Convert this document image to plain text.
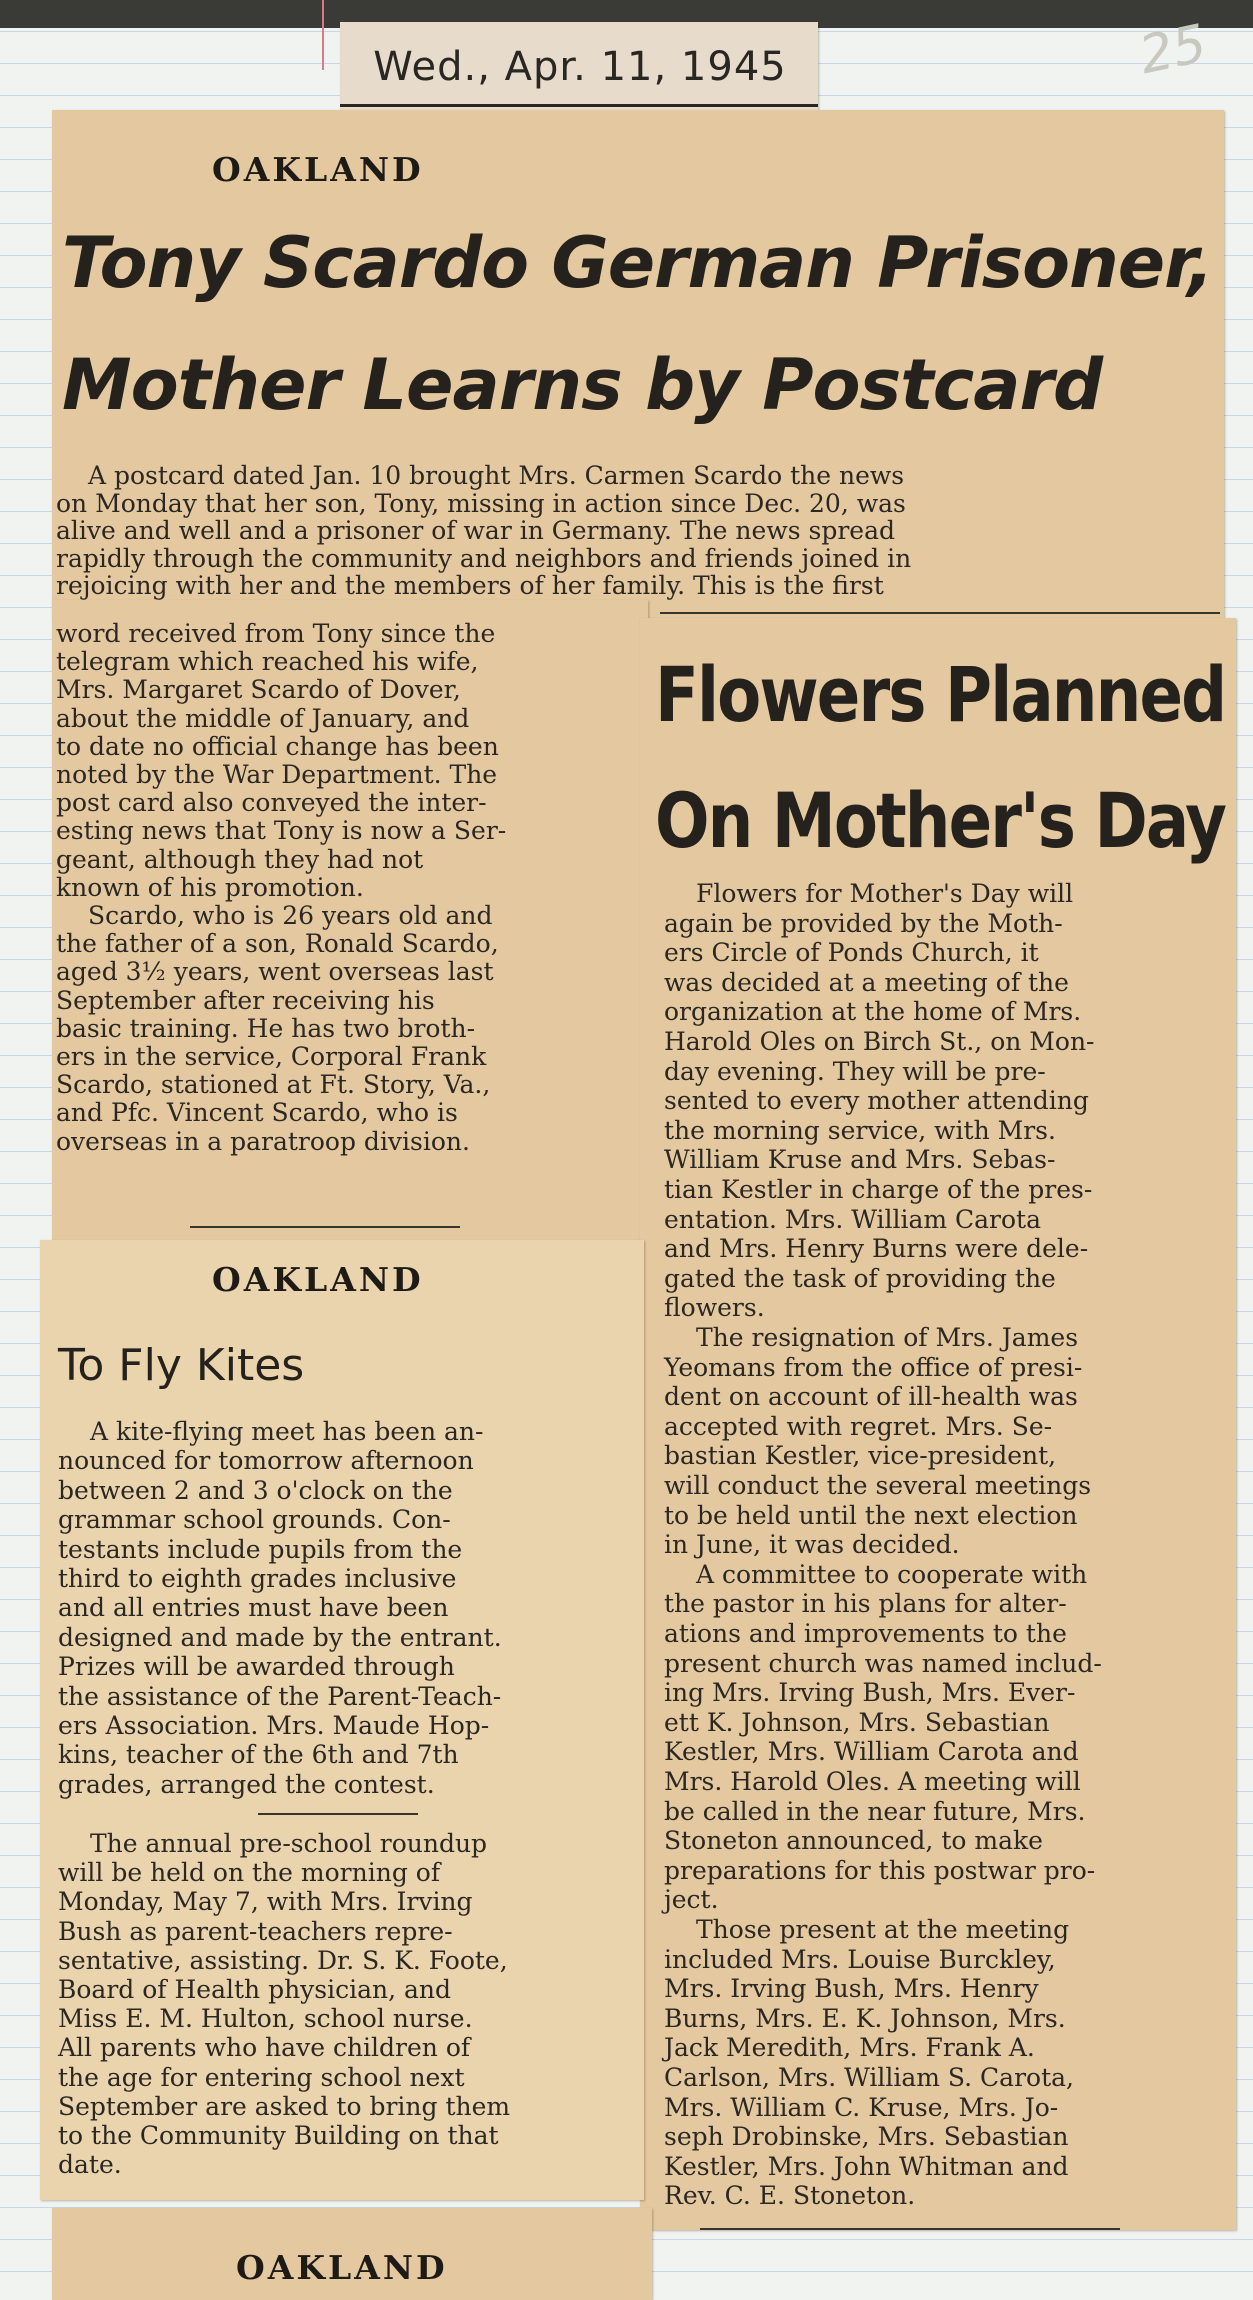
25
Wed., Apr. 11, 1945
OAKLAND
Tony Scardo German Prisoner,
Mother Learns by Postcard
A postcard dated Jan. 10 brought Mrs. Carmen Scardo the news
on Monday that her son, Tony, missing in action since Dec. 20, was
alive and well and a prisoner of war in Germany. The news spread
rapidly through the community and neighbors and friends joined in
rejoicing with her and the members of her family. This is the first
word received from Tony since the
telegram which reached his wife,
Mrs. Margaret Scardo of Dover,
about the middle of January, and
to date no official change has been
noted by the War Department. The
post card also conveyed the inter-
esting news that Tony is now a Ser-
geant, although they had not
known of his promotion.
Scardo, who is 26 years old and
the father of a son, Ronald Scardo,
aged 3½ years, went overseas last
September after receiving his
basic training. He has two broth-
ers in the service, Corporal Frank
Scardo, stationed at Ft. Story, Va.,
and Pfc. Vincent Scardo, who is
overseas in a paratroop division.
Flowers Planned
On Mother's Day
Flowers for Mother's Day will
again be provided by the Moth-
ers Circle of Ponds Church, it
was decided at a meeting of the
organization at the home of Mrs.
Harold Oles on Birch St., on Mon-
day evening. They will be pre-
sented to every mother attending
the morning service, with Mrs.
William Kruse and Mrs. Sebas-
tian Kestler in charge of the pres-
entation. Mrs. William Carota
and Mrs. Henry Burns were dele-
gated the task of providing the
flowers.
The resignation of Mrs. James
Yeomans from the office of presi-
dent on account of ill-health was
accepted with regret. Mrs. Se-
bastian Kestler, vice-president,
will conduct the several meetings
to be held until the next election
in June, it was decided.
A committee to cooperate with
the pastor in his plans for alter-
ations and improvements to the
present church was named includ-
ing Mrs. Irving Bush, Mrs. Ever-
ett K. Johnson, Mrs. Sebastian
Kestler, Mrs. William Carota and
Mrs. Harold Oles. A meeting will
be called in the near future, Mrs.
Stoneton announced, to make
preparations for this postwar pro-
ject.
Those present at the meeting
included Mrs. Louise Burckley,
Mrs. Irving Bush, Mrs. Henry
Burns, Mrs. E. K. Johnson, Mrs.
Jack Meredith, Mrs. Frank A.
Carlson, Mrs. William S. Carota,
Mrs. William C. Kruse, Mrs. Jo-
seph Drobinske, Mrs. Sebastian
Kestler, Mrs. John Whitman and
Rev. C. E. Stoneton.
OAKLAND
To Fly Kites
A kite-flying meet has been an-
nounced for tomorrow afternoon
between 2 and 3 o'clock on the
grammar school grounds. Con-
testants include pupils from the
third to eighth grades inclusive
and all entries must have been
designed and made by the entrant.
Prizes will be awarded through
the assistance of the Parent-Teach-
ers Association. Mrs. Maude Hop-
kins, teacher of the 6th and 7th
grades, arranged the contest.
The annual pre-school roundup
will be held on the morning of
Monday, May 7, with Mrs. Irving
Bush as parent-teachers repre-
sentative, assisting. Dr. S. K. Foote,
Board of Health physician, and
Miss E. M. Hulton, school nurse.
All parents who have children of
the age for entering school next
September are asked to bring them
to the Community Building on that
date.
OAKLAND
